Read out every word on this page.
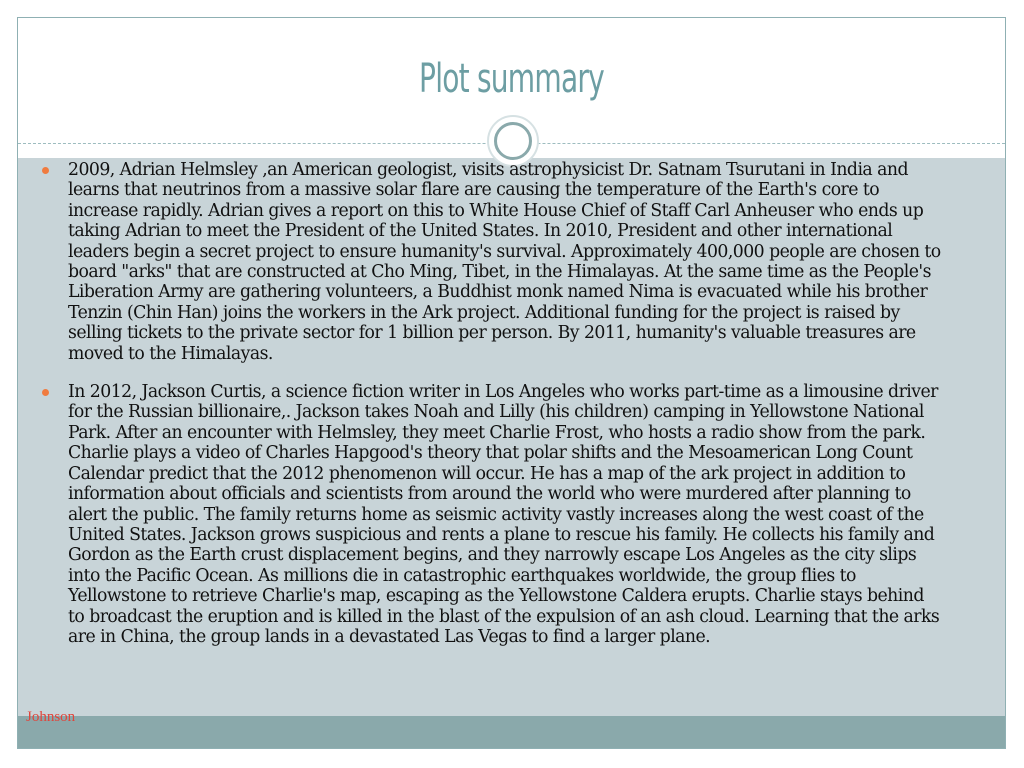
Plot summary
2009, Adrian Helmsley ,an American geologist, visits astrophysicist Dr. Satnam Tsurutani in India and learns that neutrinos from a massive solar flare are causing the temperature of the Earth's core to increase rapidly. Adrian gives a report on this to White House Chief of Staff Carl Anheuser who ends up taking Adrian to meet the President of the United States. In 2010, President and other international leaders begin a secret project to ensure humanity's survival. Approximately 400,000 people are chosen to board "arks" that are constructed at Cho Ming, Tibet, in the Himalayas. At the same time as the People's Liberation Army are gathering volunteers, a Buddhist monk named Nima is evacuated while his brother Tenzin (Chin Han) joins the workers in the Ark project. Additional funding for the project is raised by selling tickets to the private sector for 1 billion per person. By 2011, humanity's valuable treasures are moved to the Himalayas.
In 2012, Jackson Curtis, a science fiction writer in Los Angeles who works part-time as a limousine driver for the Russian billionaire,. Jackson takes Noah and Lilly (his children) camping in Yellowstone National Park. After an encounter with Helmsley, they meet Charlie Frost, who hosts a radio show from the park. Charlie plays a video of Charles Hapgood's theory that polar shifts and the Mesoamerican Long Count Calendar predict that the 2012 phenomenon will occur. He has a map of the ark project in addition to information about officials and scientists from around the world who were murdered after planning to alert the public. The family returns home as seismic activity vastly increases along the west coast of the United States. Jackson grows suspicious and rents a plane to rescue his family. He collects his family and Gordon as the Earth crust displacement begins, and they narrowly escape Los Angeles as the city slips into the Pacific Ocean. As millions die in catastrophic earthquakes worldwide, the group flies to Yellowstone to retrieve Charlie's map, escaping as the Yellowstone Caldera erupts. Charlie stays behind to broadcast the eruption and is killed in the blast of the expulsion of an ash cloud. Learning that the arks are in China, the group lands in a devastated Las Vegas to find a larger plane.
Johnson
